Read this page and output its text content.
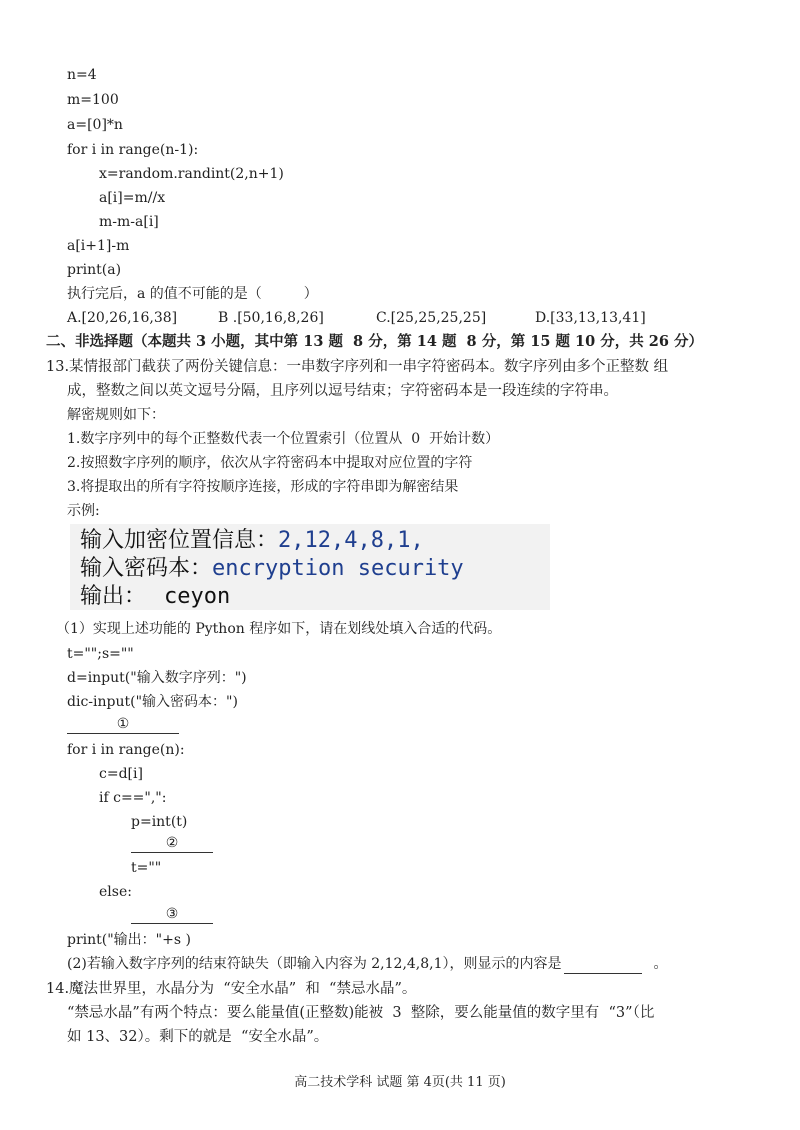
n=4
m=100
a=[0]*n
for i in range(n-1):
x=random.randint(2,n+1)
a[i]=m//x
m-m-a[i]
a[i+1]-m
print(a)
执行完后，a 的值不可能的是（　　　）
A.[20,26,16,38]	B .[50,16,8,26]	C.[25,25,25,25]	D.[33,13,13,41]
二、非选择题（本题共 3 小题，其中第 13 题  8 分，第 14 题  8 分，第 15 题 10 分，共 26 分）
13.某情报部门截获了两份关键信息：一串数字序列和一串字符密码本。数字序列由多个正整数 组
成，整数之间以英文逗号分隔，且序列以逗号结束；字符密码本是一段连续的字符串。
解密规则如下：
1.数字序列中的每个正整数代表一个位置索引（位置从  0  开始计数）
2.按照数字序列的顺序，依次从字符密码本中提取对应位置的字符
3.将提取出的所有字符按顺序连接，形成的字符串即为解密结果
示例:
输入加密位置信息：2,12,4,8,1,
输入密码本：encryption security
输出： ceyon
（1）实现上述功能的 Python 程序如下，请在划线处填入合适的代码。
t="";s=""
d=input("输入数字序列：")
dic-input("输入密码本：")
①
for i in range(n):
c=d[i]
if c==",":
p=int(t)
②
t=""
else:
③
print("输出："+s )
(2)若输入数字序列的结束符缺失（即输入内容为 2,12,4,8,1），则显示的内容是	。
14.魔法世界里，水晶分为  “安全水晶”  和  “禁忌水晶”。
“禁忌水晶”有两个特点：要么能量值(正整数)能被  3  整除，要么能量值的数字里有  “3”（比
如 13、32）。剩下的就是  “安全水晶”。
高二技术学科 试题 第 4页(共 11 页)
